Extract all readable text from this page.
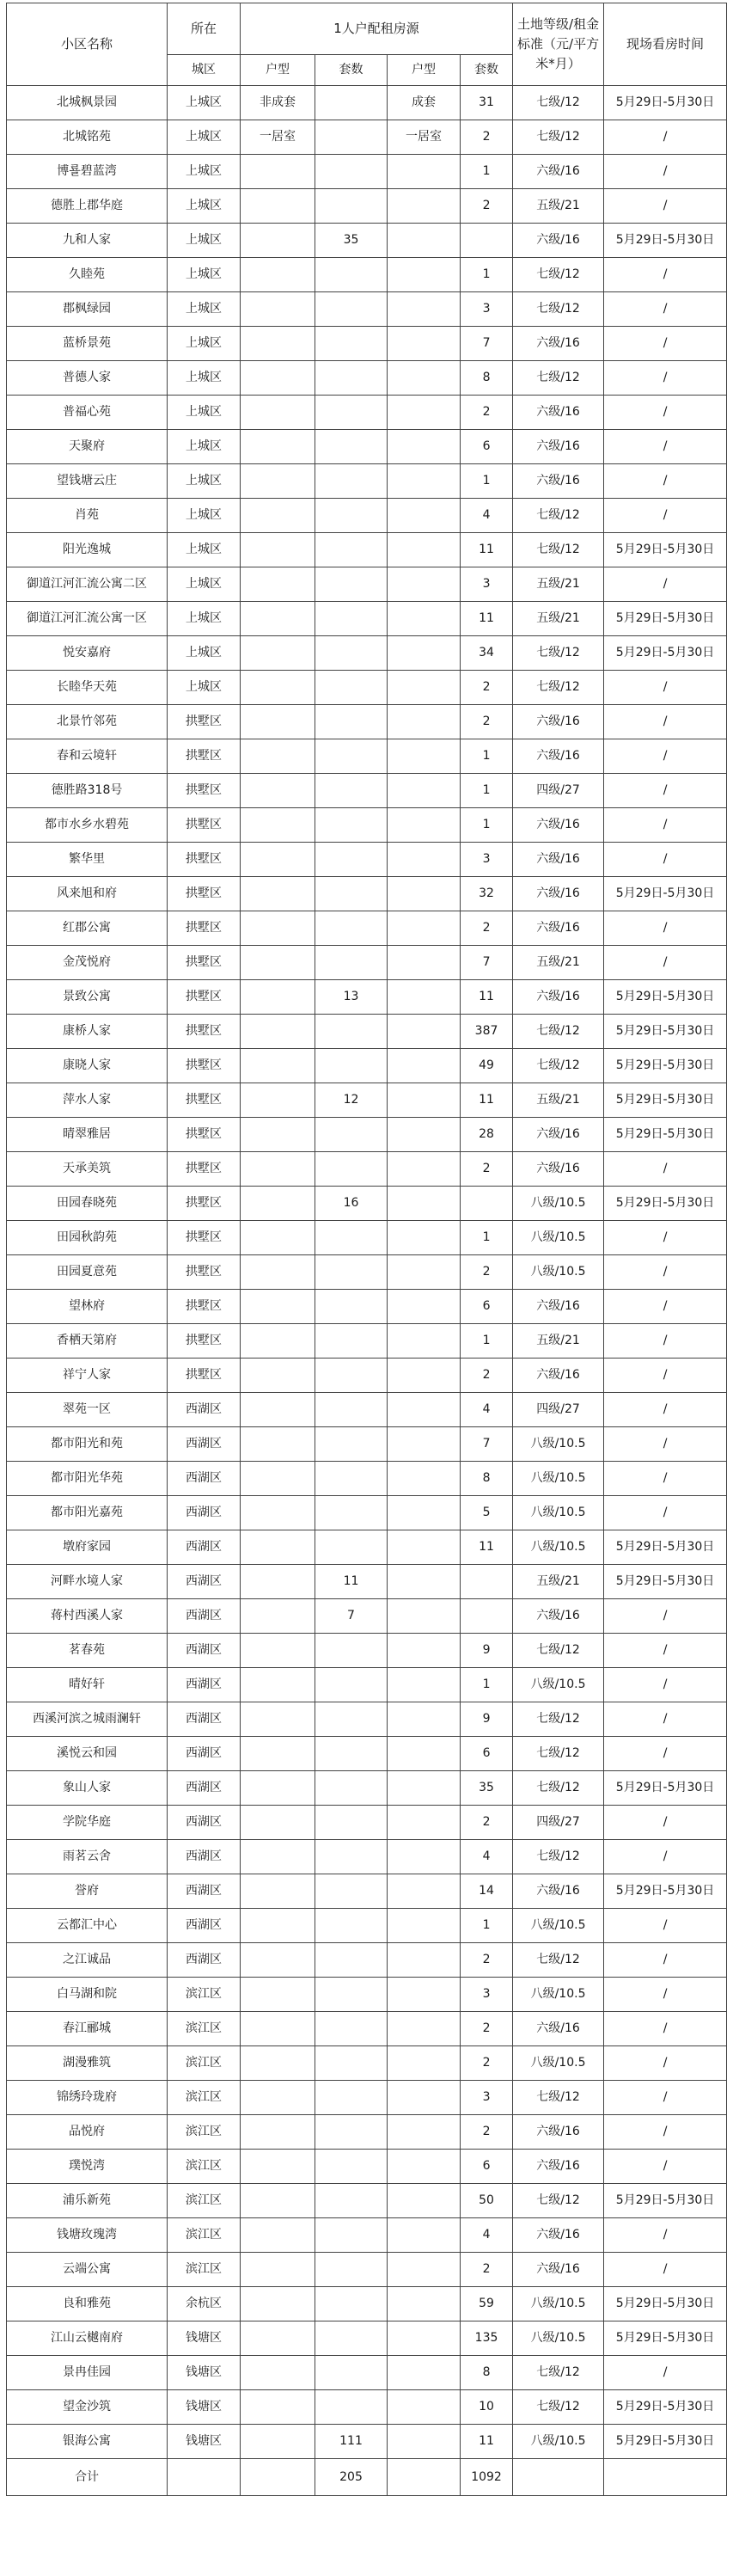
小区名称	所在	1人户配租房源				土地等级/租金标准（元/平方米*月）	现场看房时间
	城区	户型	套数	户型	套数		
北城枫景园	上城区	非成套		成套	31	七级/12	5月29日-5月30日
北城铭苑	上城区	一居室		一居室	2	七级/12	/
博룔碧蓝湾	上城区				1	六级/16	/
德胜上郡华庭	上城区				2	五级/21	/
九和人家	上城区		35			六级/16	5月29日-5月30日
久睦苑	上城区				1	七级/12	/
郡枫绿园	上城区				3	七级/12	/
蓝桥景苑	上城区				7	六级/16	/
普德人家	上城区				8	七级/12	/
普福心苑	上城区				2	六级/16	/
天聚府	上城区				6	六级/16	/
望钱塘云庄	上城区				1	六级/16	/
肖苑	上城区				4	七级/12	/
阳光逸城	上城区				11	七级/12	5月29日-5月30日
御道江河汇流公寓二区	上城区				3	五级/21	/
御道江河汇流公寓一区	上城区				11	五级/21	5月29日-5月30日
悦安嘉府	上城区				34	七级/12	5月29日-5月30日
长睦华天苑	上城区				2	七级/12	/
北景竹邻苑	拱墅区				2	六级/16	/
春和云境轩	拱墅区				1	六级/16	/
德胜路318号	拱墅区				1	四级/27	/
都市水乡水碧苑	拱墅区				1	六级/16	/
繁华里	拱墅区				3	六级/16	/
风来旭和府	拱墅区				32	六级/16	5月29日-5月30日
红郡公寓	拱墅区				2	六级/16	/
金茂悦府	拱墅区				7	五级/21	/
景致公寓	拱墅区		13		11	六级/16	5月29日-5月30日
康桥人家	拱墅区				387	七级/12	5月29日-5月30日
康晓人家	拱墅区				49	七级/12	5月29日-5月30日
萍水人家	拱墅区		12		11	五级/21	5月29日-5月30日
晴翠雅居	拱墅区				28	六级/16	5月29日-5月30日
天承美筑	拱墅区				2	六级/16	/
田园春晓苑	拱墅区		16			八级/10.5	5月29日-5月30日
田园秋韵苑	拱墅区				1	八级/10.5	/
田园夏意苑	拱墅区				2	八级/10.5	/
望林府	拱墅区				6	六级/16	/
香栖天第府	拱墅区				1	五级/21	/
祥宁人家	拱墅区				2	六级/16	/
翠苑一区	西湖区				4	四级/27	/
都市阳光和苑	西湖区				7	八级/10.5	/
都市阳光华苑	西湖区				8	八级/10.5	/
都市阳光嘉苑	西湖区				5	八级/10.5	/
墩府家园	西湖区				11	八级/10.5	5月29日-5月30日
河畔水境人家	西湖区		11			五级/21	5月29日-5月30日
蒋村西溪人家	西湖区		7			六级/16	/
茗春苑	西湖区				9	七级/12	/
晴好轩	西湖区				1	八级/10.5	/
西溪河滨之城雨澜轩	西湖区				9	七级/12	/
溪悦云和园	西湖区				6	七级/12	/
象山人家	西湖区				35	七级/12	5月29日-5月30日
学院华庭	西湖区				2	四级/27	/
雨茗云舍	西湖区				4	七级/12	/
誉府	西湖区				14	六级/16	5月29日-5月30日
云都汇中心	西湖区				1	八级/10.5	/
之江诚品	西湖区				2	七级/12	/
白马湖和院	滨江区				3	八级/10.5	/
春江郦城	滨江区				2	六级/16	/
湖漫雅筑	滨江区				2	八级/10.5	/
锦绣玲珑府	滨江区				3	七级/12	/
品悦府	滨江区				2	六级/16	/
璞悦湾	滨江区				6	六级/16	/
浦乐新苑	滨江区				50	七级/12	5月29日-5月30日
钱塘玫瑰湾	滨江区				4	六级/16	/
云端公寓	滨江区				2	六级/16	/
良和雅苑	余杭区				59	八级/10.5	5月29日-5月30日
江山云樾南府	钱塘区				135	八级/10.5	5月29日-5月30日
景冉佳园	钱塘区				8	七级/12	/
望金沙筑	钱塘区				10	七级/12	5月29日-5月30日
银海公寓	钱塘区		111		11	八级/10.5	5月29日-5月30日
合计			205		1092		
